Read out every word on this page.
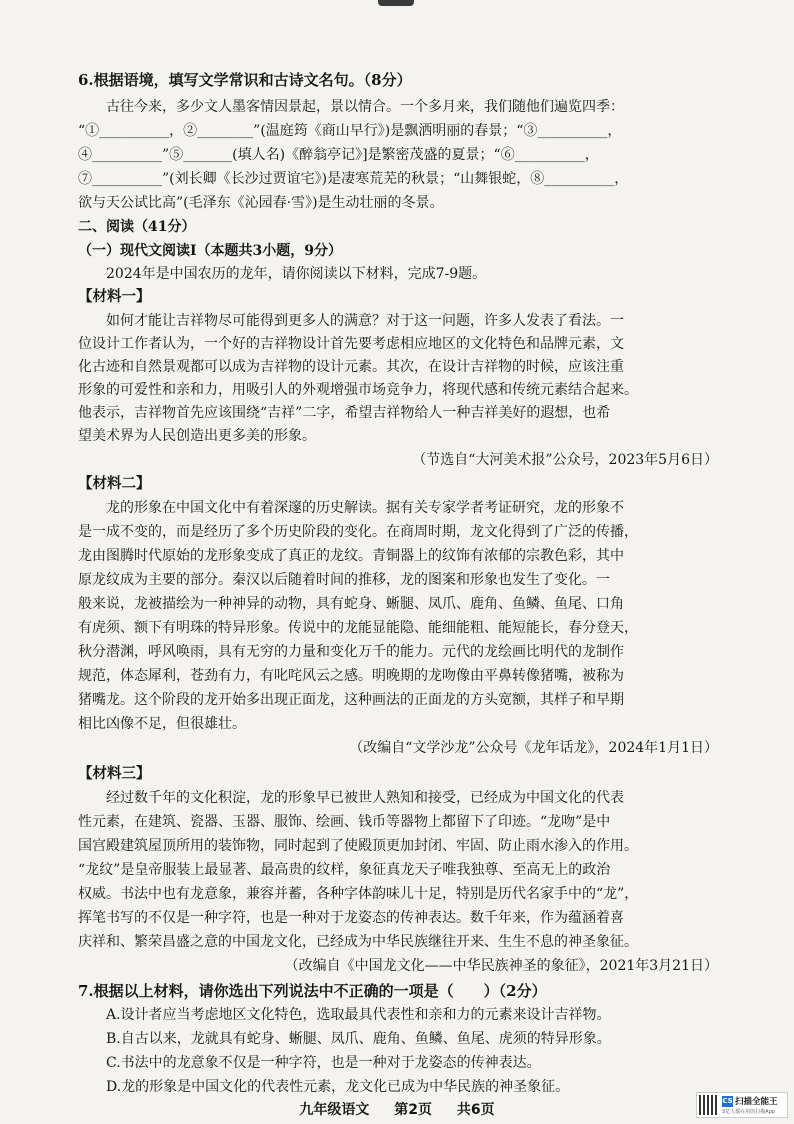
6.根据语境，填写文学常识和古诗文名句。（8分）
古往今来，多少文人墨客情因景起，景以情合。一个多月来，我们随他们遍览四季：
“①__________，②________”(温庭筠《商山早行》)是飘洒明丽的春景；“③__________，
④__________”⑤_______(填人名)《醉翁亭记》]是繁密茂盛的夏景；“⑥__________，
⑦__________”(刘长卿《长沙过贾谊宅》)是凄寒荒芜的秋景；“山舞银蛇，⑧__________，
欲与天公试比高”(毛泽东《沁园春·雪》)是生动壮丽的冬景。
二、阅读（41分）
（一）现代文阅读Ⅰ（本题共3小题，9分）
2024年是中国农历的龙年，请你阅读以下材料，完成7-9题。
【材料一】
如何才能让吉祥物尽可能得到更多人的满意？对于这一问题，许多人发表了看法。一
位设计工作者认为，一个好的吉祥物设计首先要考虑相应地区的文化特色和品牌元素，文
化古迹和自然景观都可以成为吉祥物的设计元素。其次，在设计吉祥物的时候，应该注重
形象的可爱性和亲和力，用吸引人的外观增强市场竞争力，将现代感和传统元素结合起来。
他表示，吉祥物首先应该围绕“吉祥”二字，希望吉祥物给人一种吉祥美好的遐想，也希
望美术界为人民创造出更多美的形象。
（节选自“大河美术报”公众号，2023年5月6日）
【材料二】
龙的形象在中国文化中有着深邃的历史解读。据有关专家学者考证研究，龙的形象不
是一成不变的，而是经历了多个历史阶段的变化。在商周时期，龙文化得到了广泛的传播，
龙由图腾时代原始的龙形象变成了真正的龙纹。青铜器上的纹饰有浓郁的宗教色彩，其中
原龙纹成为主要的部分。秦汉以后随着时间的推移，龙的图案和形象也发生了变化。一
般来说，龙被描绘为一种神异的动物，具有蛇身、蜥腿、凤爪、鹿角、鱼鳞、鱼尾、口角
有虎须、额下有明珠的特异形象。传说中的龙能显能隐、能细能粗、能短能长，春分登天，
秋分潜渊，呼风唤雨，具有无穷的力量和变化万千的能力。元代的龙绘画比明代的龙制作
规范，体态犀利，苍劲有力，有叱咤风云之感。明晚期的龙吻像由平鼻转像猪嘴，被称为
猪嘴龙。这个阶段的龙开始多出现正面龙，这种画法的正面龙的方头宽额，其样子和早期
相比凶像不足，但很雄壮。
（改编自“文学沙龙”公众号《龙年话龙》，2024年1月1日）
【材料三】
经过数千年的文化积淀，龙的形象早已被世人熟知和接受，已经成为中国文化的代表
性元素，在建筑、瓷器、玉器、服饰、绘画、钱币等器物上都留下了印迹。“龙吻”是中
国宫殿建筑屋顶所用的装饰物，同时起到了使殿顶更加封闭、牢固、防止雨水渗入的作用。
“龙纹”是皇帝服装上最显著、最高贵的纹样，象征真龙天子唯我独尊、至高无上的政治
权威。书法中也有龙意象，兼容并蓄，各种字体韵味儿十足，特别是历代名家手中的“龙”，
挥笔书写的不仅是一种字符，也是一种对于龙姿态的传神表达。数千年来，作为蕴涵着喜
庆祥和、繁荣昌盛之意的中国龙文化，已经成为中华民族继往开来、生生不息的神圣象征。
（改编自《中国龙文化——中华民族神圣的象征》，2021年3月21日）
7.根据以上材料，请你选出下列说法中不正确的一项是（　　）（2分）
A.设计者应当考虑地区文化特色，选取最具代表性和亲和力的元素来设计吉祥物。
B.自古以来，龙就具有蛇身、蜥腿、凤爪、鹿角、鱼鳞、鱼尾、虎须的特异形象。
C.书法中的龙意象不仅是一种字符，也是一种对于龙姿态的传神表达。
D.龙的形象是中国文化的代表性元素，龙文化已成为中华民族的神圣象征。
九年级语文 第2页 共6页
CS 扫描全能王
3亿人都在用的扫描App
